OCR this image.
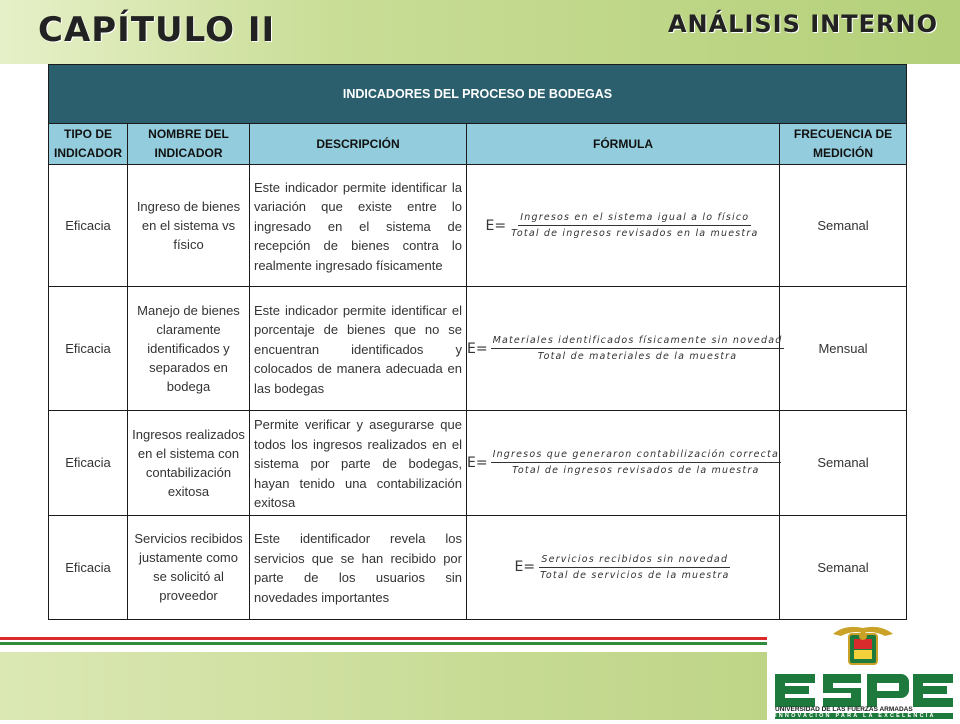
CAPÍTULO II	ANÁLISIS INTERNO
INDICADORES DEL PROCESO DE BODEGAS				
TIPO DE INDICADOR	NOMBRE DEL INDICADOR	DESCRIPCIÓN	FÓRMULA	FRECUENCIA DE MEDICIÓN
Eficacia	Ingreso de bienes en el sistema vs físico	Este indicador permite identificar la variación que existe entre lo ingresado en el sistema de recepción de bienes contra lo realmente ingresado físicamente	$E= \frac{\text{Ingresos en el sistema igual a lo físico}}{\text{Total de ingresos revisados en la muestra}}$	Semanal
Eficacia	Manejo de bienes claramente identificados y separados en bodega	Este indicador permite identificar el porcentaje de bienes que no se encuentran identificados y colocados de manera adecuada en las bodegas	$E= \frac{\text{Materiales identificados físicamente sin novedad}}{\text{Total de materiales de la muestra}}$	Mensual
Eficacia	Ingresos realizados en el sistema con contabilización exitosa	Permite verificar y asegurarse que todos los ingresos realizados en el sistema por parte de bodegas, hayan tenido una contabilización exitosa	$E= \frac{\text{Ingresos que generaron contabilización correcta}}{\text{Total de ingresos revisados de la muestra}}$	Semanal
Eficacia	Servicios recibidos justamente como se solicitó al proveedor	Este identificador revela los servicios que se han recibido por parte de los usuarios sin novedades importantes	$E= \frac{\text{Servicios recibidos sin novedad}}{\text{Total de servicios de la muestra}}$	Semanal
UNIVERSIDAD DE LAS FUERZAS ARMADAS
INNOVACIÓN PARA LA EXCELENCIA
